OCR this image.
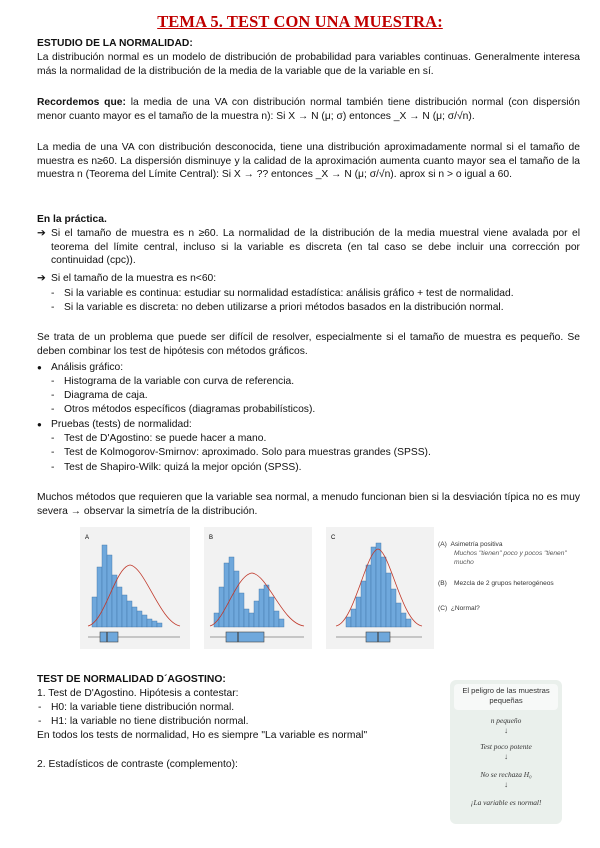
TEMA 5. TEST CON UNA MUESTRA:
ESTUDIO DE LA NORMALIDAD:
La distribución normal es un modelo de distribución de probabilidad para variables continuas. Generalmente interesa más la normalidad de la distribución de la media de la variable que de la variable en sí.
Recordemos que: la media de una VA con distribución normal también tiene distribución normal (con dispersión menor cuanto mayor es el tamaño de la muestra n): Si X → N (μ; σ) entonces _X → N (μ; σ/√n).
La media de una VA con distribución desconocida, tiene una distribución aproximadamente normal si el tamaño de muestra es n≥60. La dispersión disminuye y la calidad de la aproximación aumenta cuanto mayor sea el tamaño de la muestra n (Teorema del Límite Central): Si X → ?? entonces _X → N (μ; σ/√n). aprox si n > o igual a 60.
En la práctica.
➔ Si el tamaño de muestra es n ≥60. La normalidad de la distribución de la media muestral viene avalada por el teorema del límite central, incluso si la variable es discreta (en tal caso se debe incluir una corrección por continuidad (cpc)).
➔ Si el tamaño de la muestra es n<60:
- Si la variable es continua: estudiar su normalidad estadística: análisis gráfico + test de normalidad.
- Si la variable es discreta: no deben utilizarse a priori métodos basados en la distribución normal.
Se trata de un problema que puede ser difícil de resolver, especialmente si el tamaño de muestra es pequeño. Se deben combinar los test de hipótesis con métodos gráficos.
● Análisis gráfico:
- Histograma de la variable con curva de referencia.
- Diagrama de caja.
- Otros métodos específicos (diagramas probabilísticos).
● Pruebas (tests) de normalidad:
- Test de D'Agostino: se puede hacer a mano.
- Test de Kolmogorov-Smirnov: aproximado. Solo para muestras grandes (SPSS).
- Test de Shapiro-Wilk: quizá la mejor opción (SPSS).
Muchos métodos que requieren que la variable sea normal, a menudo funcionan bien si la desviación típica no es muy severa → observar la simetría de la distribución.
A	B	C
(A) Asimetría positiva
Muchos "tienen" poco y pocos "tienen" mucho
(B)	Mezcla de 2 grupos heterogéneos
(C) ¿Normal?
TEST DE NORMALIDAD D´AGOSTINO:
1. Test de D'Agostino. Hipótesis a contestar:
- H0: la variable tiene distribución normal.
- H1: la variable no tiene distribución normal.
En todos los tests de normalidad, Ho es siempre "La variable es normal"
2. Estadísticos de contraste (complemento):
El peligro de las muestras pequeñas
n pequeño
↓
Test poco potente
↓
No se rechaza H₀
↓
¡La variable es normal!
